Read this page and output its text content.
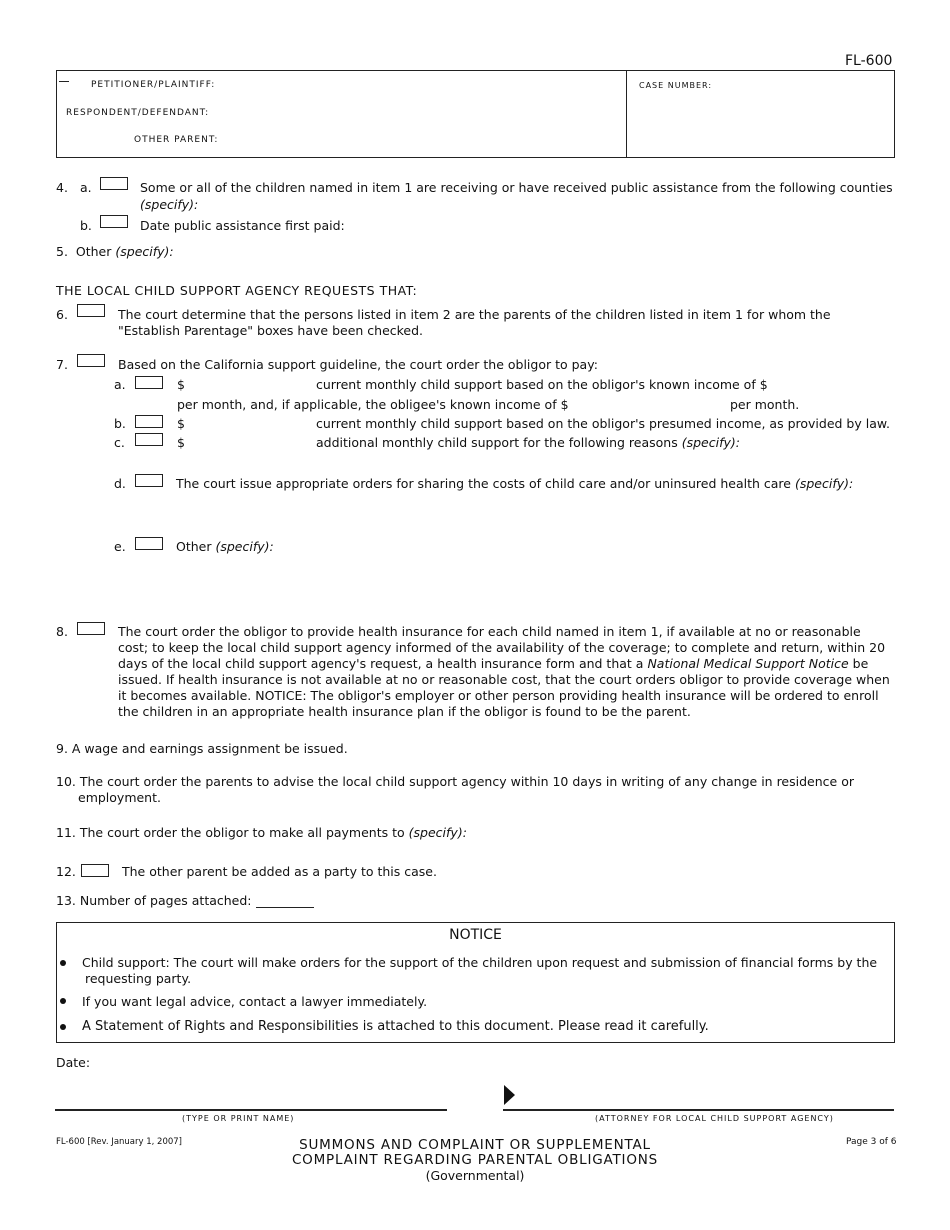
FL-600
PETITIONER/PLAINTIFF:
RESPONDENT/DEFENDANT:
OTHER PARENT:
CASE NUMBER:
4. a.	Some or all of the children named in item 1 are receiving or have received public assistance from the following counties
(specify):
b.	Date public assistance first paid:
5. Other (specify):
THE LOCAL CHILD SUPPORT AGENCY REQUESTS THAT:
6.	The court determine that the persons listed in item 2 are the parents of the children listed in item 1 for whom the "Establish Parentage" boxes have been checked.
7.	Based on the California support guideline, the court order the obligor to pay:
a.	$	current monthly child support based on the obligor's known income of $
per month, and, if applicable, the obligee's known income of $	per month.
b.	$	current monthly child support based on the obligor's presumed income, as provided by law.
c.	$	additional monthly child support for the following reasons (specify):
d.	The court issue appropriate orders for sharing the costs of child care and/or uninsured health care (specify):
e.	Other (specify):
8.	The court order the obligor to provide health insurance for each child named in item 1, if available at no or reasonable cost; to keep the local child support agency informed of the availability of the coverage; to complete and return, within 20 days of the local child support agency's request, a health insurance form and that a National Medical Support Notice be issued. If health insurance is not available at no or reasonable cost, that the court orders obligor to provide coverage when it becomes available. NOTICE: The obligor's employer or other person providing health insurance will be ordered to enroll the children in an appropriate health insurance plan if the obligor is found to be the parent.
9. A wage and earnings assignment be issued.
10. The court order the parents to advise the local child support agency within 10 days in writing of any change in residence or employment.
11. The court order the obligor to make all payments to (specify):
12.	The other parent be added as a party to this case.
13. Number of pages attached:
NOTICE
Child support: The court will make orders for the support of the children upon request and submission of financial forms by the requesting party.
If you want legal advice, contact a lawyer immediately.
A Statement of Rights and Responsibilities is attached to this document. Please read it carefully.
Date:
(TYPE OR PRINT NAME)	(ATTORNEY FOR LOCAL CHILD SUPPORT AGENCY)
FL-600 [Rev. January 1, 2007]	SUMMONS AND COMPLAINT OR SUPPLEMENTAL
COMPLAINT REGARDING PARENTAL OBLIGATIONS
(Governmental)
Page 3 of 6
